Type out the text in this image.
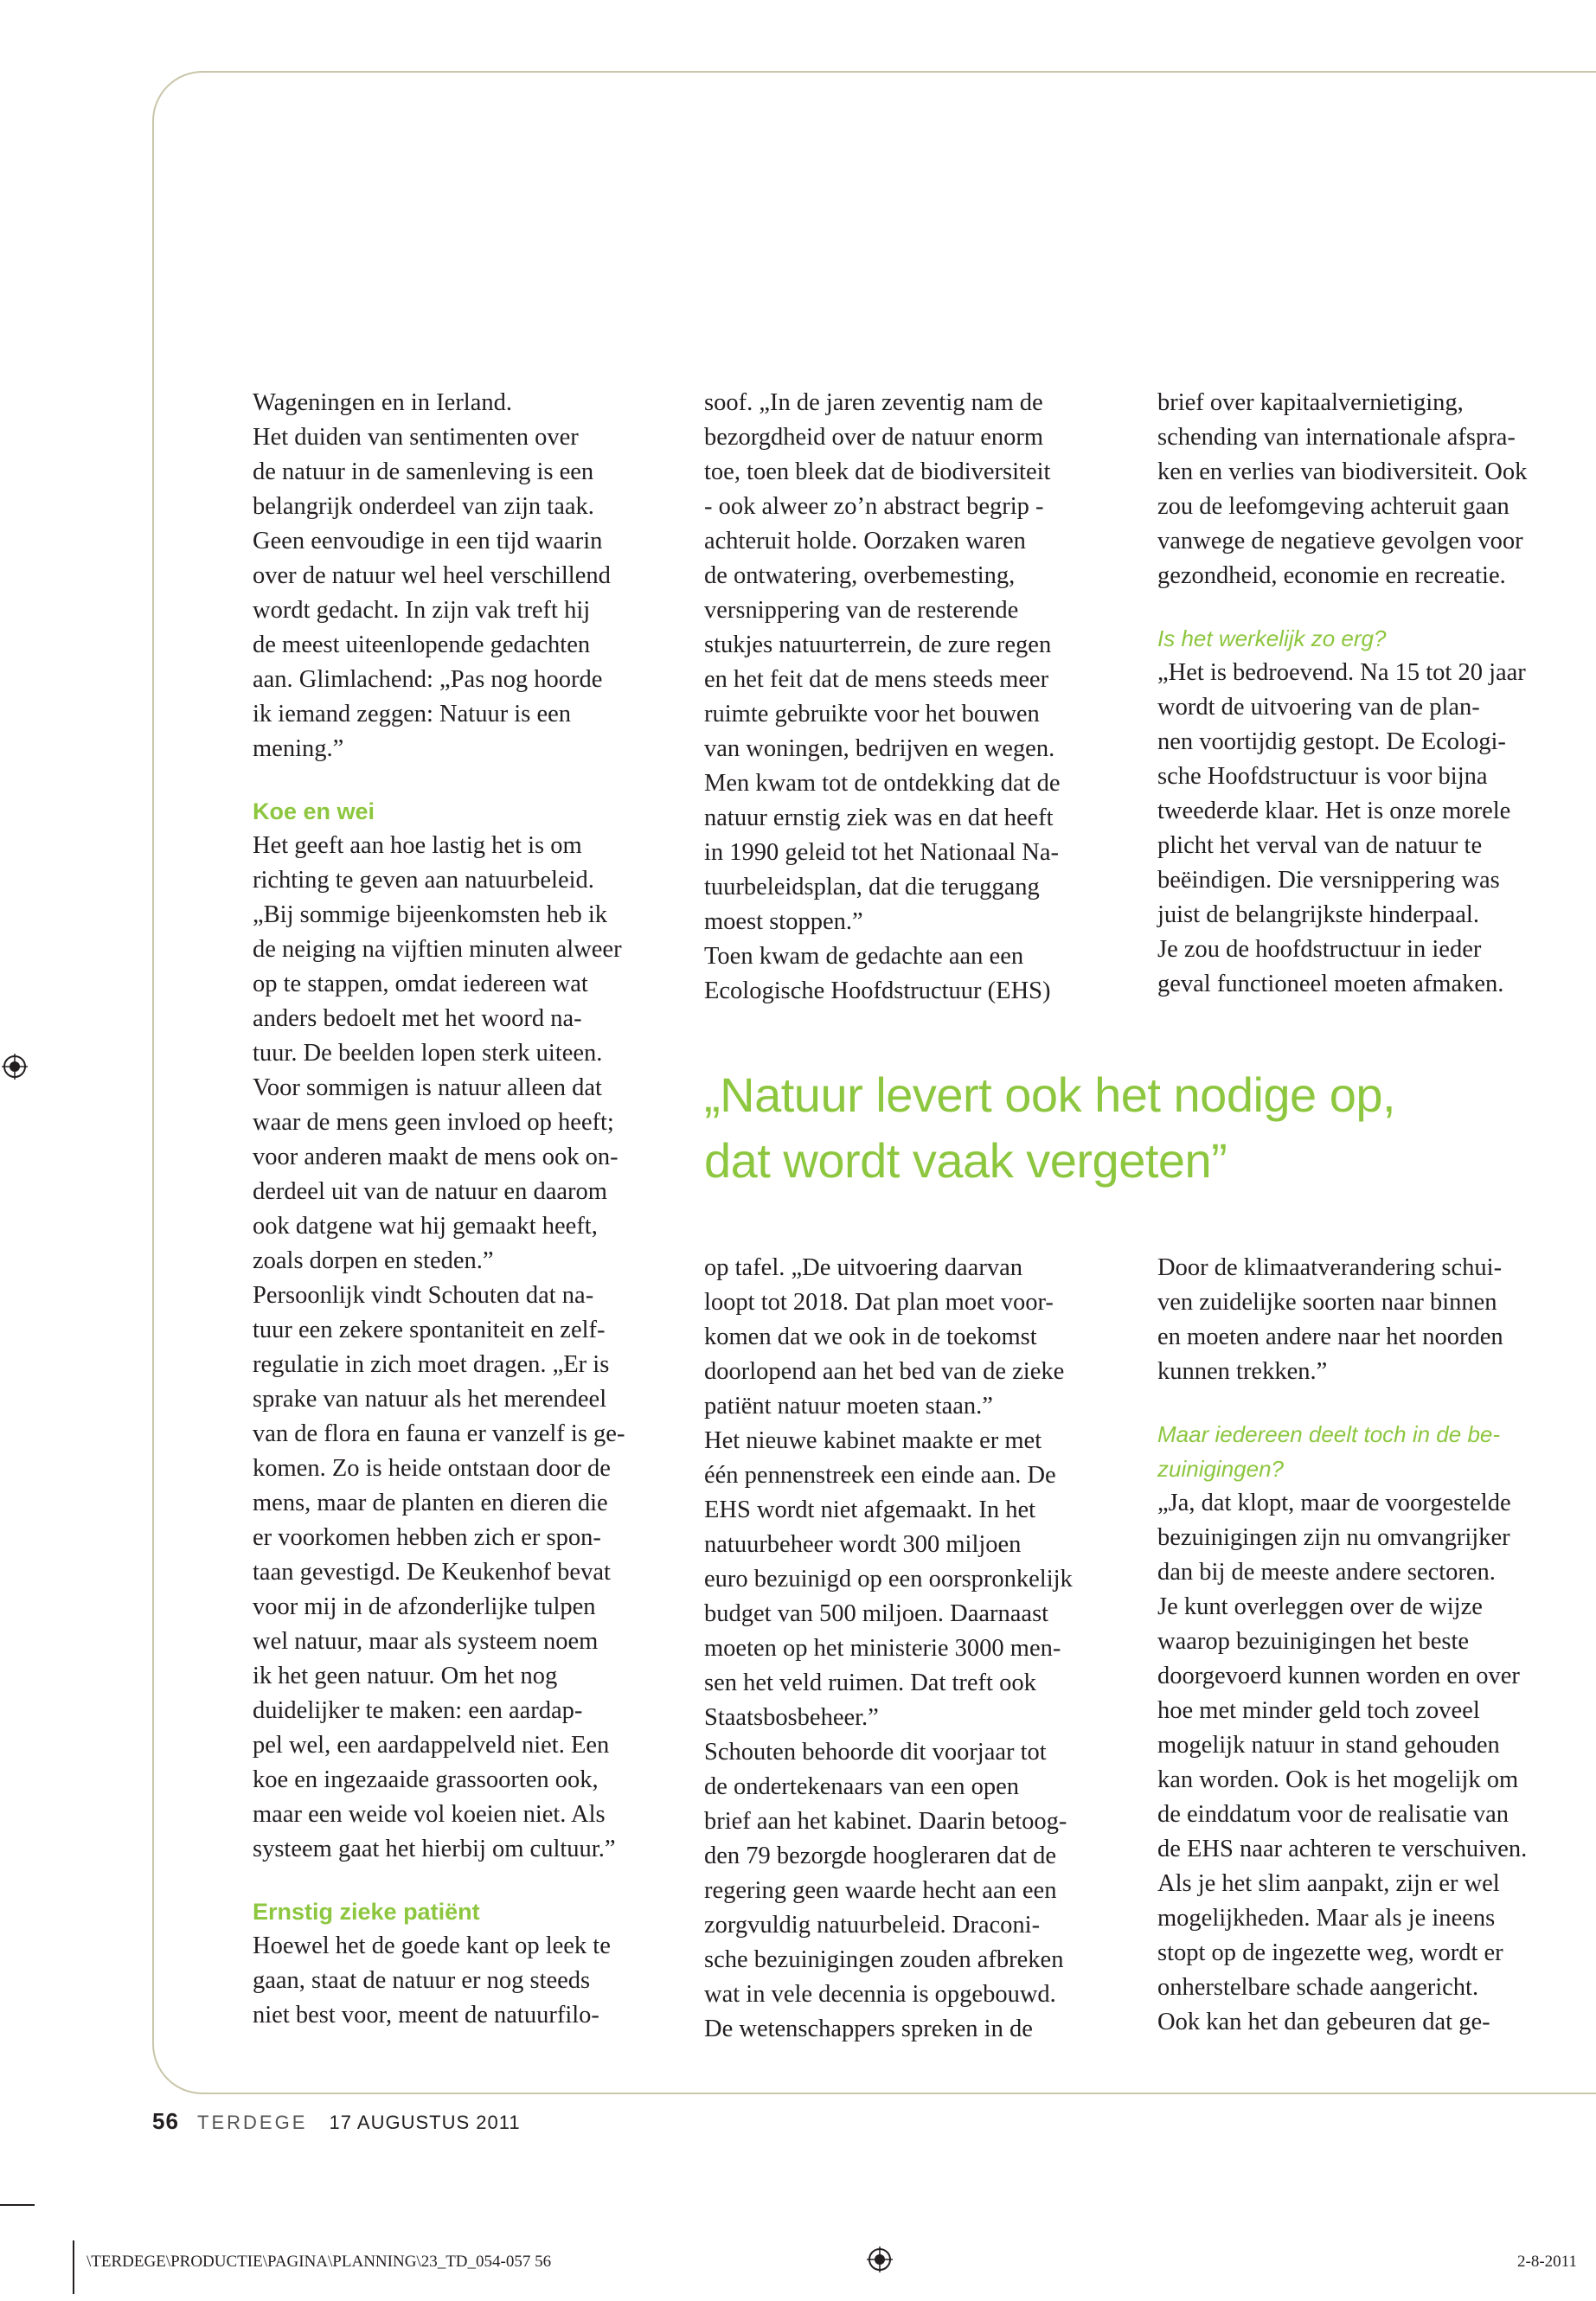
Wageningen en in Ierland.
Het duiden van sentimenten over
de natuur in de samenleving is een
belangrijk onderdeel van zijn taak.
Geen eenvoudige in een tijd waarin
over de natuur wel heel verschillend
wordt gedacht. In zijn vak treft hij
de meest uiteenlopende gedachten
aan. Glimlachend: „Pas nog hoorde
ik iemand zeggen: Natuur is een
mening.”

Koe en wei

Het geeft aan hoe lastig het is om
richting te geven aan natuurbeleid.
„Bij sommige bijeenkomsten heb ik
de neiging na vijftien minuten alweer
op te stappen, omdat iedereen wat
anders bedoelt met het woord na-
tuur. De beelden lopen sterk uiteen.
Voor sommigen is natuur alleen dat
waar de mens geen invloed op heeft;
voor anderen maakt de mens ook on-
derdeel uit van de natuur en daarom
ook datgene wat hij gemaakt heeft,
zoals dorpen en steden.”
Persoonlijk vindt Schouten dat na-
tuur een zekere spontaniteit en zelf-
regulatie in zich moet dragen. „Er is
sprake van natuur als het merendeel
van de flora en fauna er vanzelf is ge-
komen. Zo is heide ontstaan door de
mens, maar de planten en dieren die
er voorkomen hebben zich er spon-
taan gevestigd. De Keukenhof bevat
voor mij in de afzonderlijke tulpen
wel natuur, maar als systeem noem
ik het geen natuur. Om het nog
duidelijker te maken: een aardap-
pel wel, een aardappelveld niet. Een
koe en ingezaaide grassoorten ook,
maar een weide vol koeien niet. Als
systeem gaat het hierbij om cultuur.”

Ernstig zieke patiënt

Hoewel het de goede kant op leek te
gaan, staat de natuur er nog steeds
niet best voor, meent de natuurfilo-

soof. „In de jaren zeventig nam de
bezorgdheid over de natuur enorm
toe, toen bleek dat de biodiversiteit
- ook alweer zo’n abstract begrip -
achteruit holde. Oorzaken waren
de ontwatering, overbemesting,
versnippering van de resterende
stukjes natuurterrein, de zure regen
en het feit dat de mens steeds meer
ruimte gebruikte voor het bouwen
van woningen, bedrijven en wegen.
Men kwam tot de ontdekking dat de
natuur ernstig ziek was en dat heeft
in 1990 geleid tot het Nationaal Na-
tuurbeleidsplan, dat die teruggang
moest stoppen.”
Toen kwam de gedachte aan een
Ecologische Hoofdstructuur (EHS)

brief over kapitaalvernietiging,
schending van internationale afspra-
ken en verlies van biodiversiteit. Ook
zou de leefomgeving achteruit gaan
vanwege de negatieve gevolgen voor
gezondheid, economie en recreatie.

Is het werkelijk zo erg?

„Het is bedroevend. Na 15 tot 20 jaar
wordt de uitvoering van de plan-
nen voortijdig gestopt. De Ecologi-
sche Hoofdstructuur is voor bijna
tweederde klaar. Het is onze morele
plicht het verval van de natuur te
beëindigen. Die versnippering was
juist de belangrijkste hinderpaal.
Je zou de hoofdstructuur in ieder
geval functioneel moeten afmaken.

„Natuur levert ook het nodige op,
dat wordt vaak vergeten”

op tafel. „De uitvoering daarvan
loopt tot 2018. Dat plan moet voor-
komen dat we ook in de toekomst
doorlopend aan het bed van de zieke
patiënt natuur moeten staan.”
Het nieuwe kabinet maakte er met
één pennenstreek een einde aan. De
EHS wordt niet afgemaakt. In het
natuurbeheer wordt 300 miljoen
euro bezuinigd op een oorspronkelijk
budget van 500 miljoen. Daarnaast
moeten op het ministerie 3000 men-
sen het veld ruimen. Dat treft ook
Staatsbosbeheer.”
Schouten behoorde dit voorjaar tot
de ondertekenaars van een open
brief aan het kabinet. Daarin betoog-
den 79 bezorgde hoogleraren dat de
regering geen waarde hecht aan een
zorgvuldig natuurbeleid. Draconi-
sche bezuinigingen zouden afbreken
wat in vele decennia is opgebouwd.
De wetenschappers spreken in de

Door de klimaatverandering schui-
ven zuidelijke soorten naar binnen
en moeten andere naar het noorden
kunnen trekken.”

Maar iedereen deelt toch in de be-
zuinigingen?

„Ja, dat klopt, maar de voorgestelde
bezuinigingen zijn nu omvangrijker
dan bij de meeste andere sectoren.
Je kunt overleggen over de wijze
waarop bezuinigingen het beste
doorgevoerd kunnen worden en over
hoe met minder geld toch zoveel
mogelijk natuur in stand gehouden
kan worden. Ook is het mogelijk om
de einddatum voor de realisatie van
de EHS naar achteren te verschuiven.
Als je het slim aanpakt, zijn er wel
mogelijkheden. Maar als je ineens
stopt op de ingezette weg, wordt er
onherstelbare schade aangericht.
Ook kan het dan gebeuren dat ge-

56 TERDEGE 17 AUGUSTUS 2011
\TERDEGE\PRODUCTIE\PAGINA\PLANNING\23_TD_054-057 56	2-8-2011
